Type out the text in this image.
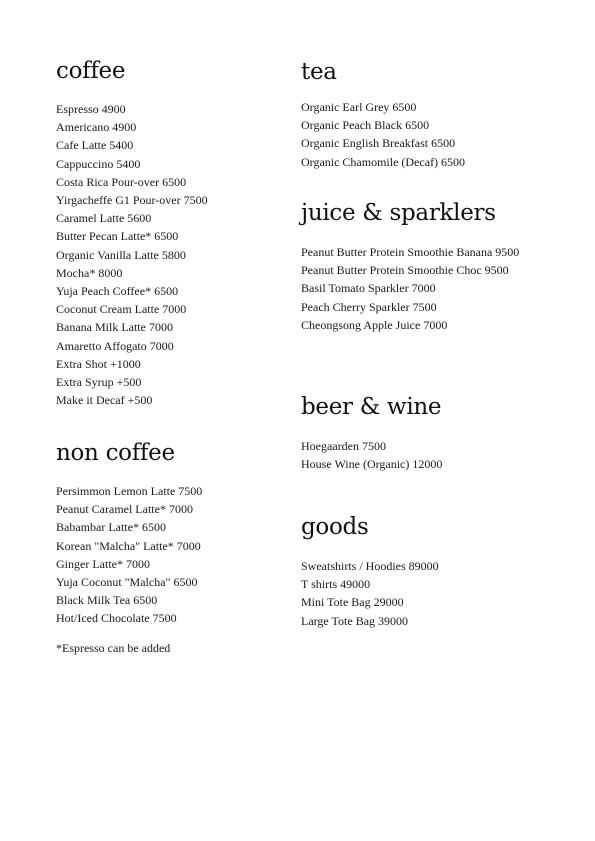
coffee
Espresso 4900
Americano 4900
Cafe Latte 5400
Cappuccino 5400
Costa Rica Pour-over 6500
Yirgacheffe G1 Pour-over 7500
Caramel Latte 5600
Butter Pecan Latte* 6500
Organic Vanilla Latte 5800
Mocha* 8000
Yuja Peach Coffee* 6500
Coconut Cream Latte 7000
Banana Milk Latte 7000
Amaretto Affogato 7000
Extra Shot +1000
Extra Syrup +500
Make it Decaf +500
non coffee
Persimmon Lemon Latte 7500
Peanut Caramel Latte* 7000
Babambar Latte* 6500
Korean "Malcha" Latte* 7000
Ginger Latte* 7000
Yuja Coconut "Malcha" 6500
Black Milk Tea 6500
Hot/Iced Chocolate 7500

*Espresso can be added

tea
Organic Earl Grey 6500
Organic Peach Black 6500
Organic English Breakfast 6500
Organic Chamomile (Decaf) 6500
juice & sparklers
Peanut Butter Protein Smoothie Banana 9500
Peanut Butter Protein Smoothie Choc 9500
Basil Tomato Sparkler 7000
Peach Cherry Sparkler 7500
Cheongsong Apple Juice 7000
beer & wine
Hoegaarden 7500
House Wine (Organic) 12000
goods
Sweatshirts / Hoodies 89000
T shirts 49000
Mini Tote Bag 29000
Large Tote Bag 39000
